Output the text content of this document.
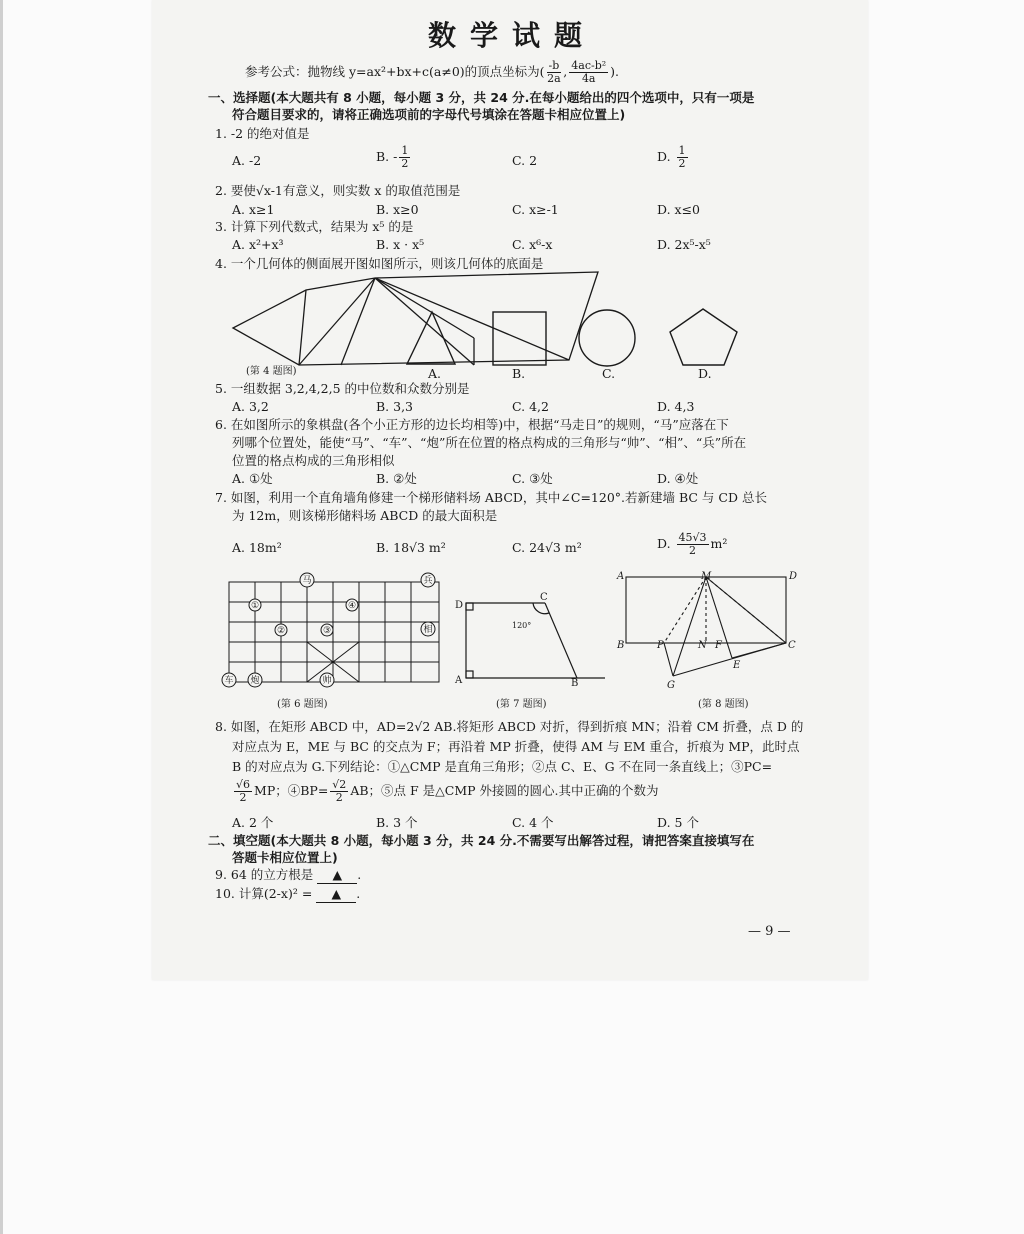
数学试题
参考公式：抛物线 y=ax²+bx+c(a≠0)的顶点坐标为( $\frac{-b}{2a}$ , $\frac{\text{4ac-b²}}{4a}$ ).
一、选择题(本大题共有 8 小题，每小题 3 分，共 24 分.在每小题给出的四个选项中，只有一项是
符合题目要求的，请将正确选项前的字母代号填涂在答题卡相应位置上)
1. -2 的绝对值是
A. -2	B. - $\frac{1}{2}$	C. 2	D. $\frac{1}{2}$
2. 要使√x-1有意义，则实数 x 的取值范围是
A. x≥1	B. x≥0	C. x≥-1	D. x≤0
3. 计算下列代数式，结果为 x⁵ 的是
A. x²+x³	B. x · x⁵	C. x⁶-x	D. 2x⁵-x⁵
4. 一个几何体的侧面展开图如图所示，则该几何体的底面是
(第 4 题图)	A.	B.	C.	D.
5. 一组数据 3,2,4,2,5 的中位数和众数分别是
A. 3,2	B. 3,3	C. 4,2	D. 4,3
6. 在如图所示的象棋盘(各个小正方形的边长均相等)中，根据“马走日”的规则，“马”应落在下
列哪个位置处，能使“马”、“车”、“炮”所在位置的格点构成的三角形与“帅”、“相”、“兵”所在
位置的格点构成的三角形相似
A. ①处	B. ②处	C. ③处	D. ④处
7. 如图，利用一个直角墙角修建一个梯形储料场 ABCD，其中∠C=120°.若新建墙 BC 与 CD 总长
为 12m，则该梯形储料场 ABCD 的最大面积是
A. 18m²	B. 18√3 m²	C. 24√3 m²	D. $\frac{45√3}{2} m^2$
马	兵
①	④
②	③	相
车 炮	帅
D
A
C
B
120°
A	M	D
B	P	N F	C
E
G
(第 6 题图)	(第 7 题图)	(第 8 题图)
8. 如图，在矩形 ABCD 中，AD=2√2 AB.将矩形 ABCD 对折，得到折痕 MN；沿着 CM 折叠，点 D 的
对应点为 E，ME 与 BC 的交点为 F；再沿着 MP 折叠，使得 AM 与 EM 重合，折痕为 MP，此时点
B 的对应点为 G.下列结论：①△CMP 是直角三角形；②点 C、E、G 不在同一条直线上；③PC=
$\frac{√6}{2}$ MP；④BP= $\frac{√2}{2}$ AB；⑤点 F 是△CMP 外接圆的圆心.其中正确的个数为
A. 2 个	B. 3 个	C. 4 个	D. 5 个
二、填空题(本大题共 8 小题，每小题 3 分，共 24 分.不需要写出解答过程，请把答案直接填写在
答题卡相应位置上)
9. 64 的立方根是 ▲ .
10. 计算(2-x)² = ▲ .
— 9 —
